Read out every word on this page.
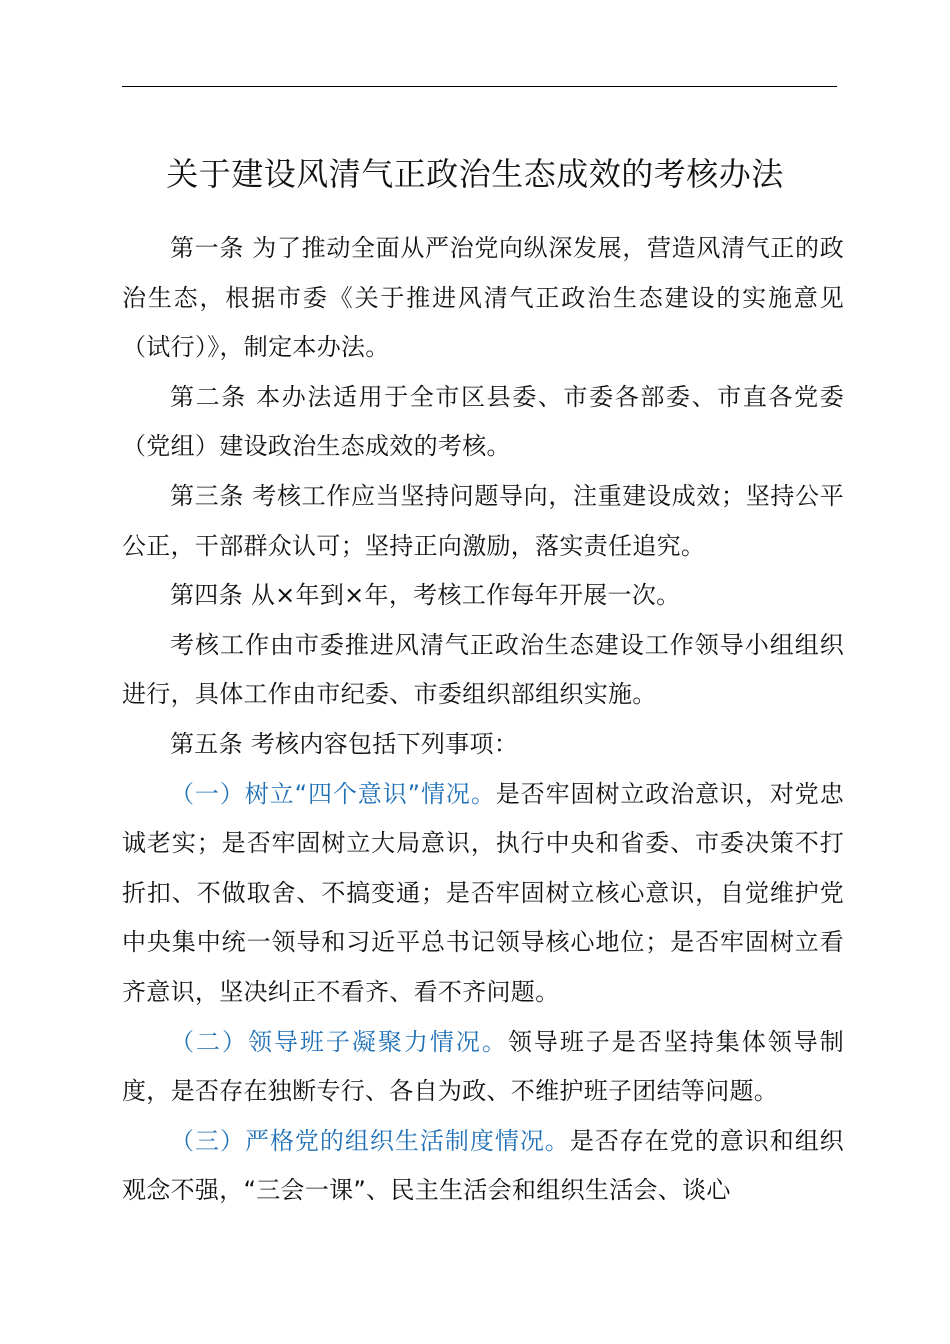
关于建设风清气正政治生态成效的考核办法

第一条 为了推动全面从严治党向纵深发展，营造风清气正的政治生态，根据市委《关于推进风清气正政治生态建设的实施意见（试行）》，制定本办法。

第二条 本办法适用于全市区县委、市委各部委、市直各党委（党组）建设政治生态成效的考核。

第三条 考核工作应当坚持问题导向，注重建设成效；坚持公平公正，干部群众认可；坚持正向激励，落实责任追究。

第四条 从×年到×年，考核工作每年开展一次。

考核工作由市委推进风清气正政治生态建设工作领导小组组织进行，具体工作由市纪委、市委组织部组织实施。

第五条 考核内容包括下列事项：

（一）树立“四个意识”情况。是否牢固树立政治意识，对党忠诚老实；是否牢固树立大局意识，执行中央和省委、市委决策不打折扣、不做取舍、不搞变通；是否牢固树立核心意识，自觉维护党中央集中统一领导和习近平总书记领导核心地位；是否牢固树立看齐意识，坚决纠正不看齐、看不齐问题。

（二）领导班子凝聚力情况。领导班子是否坚持集体领导制度，是否存在独断专行、各自为政、不维护班子团结等问题。

（三）严格党的组织生活制度情况。是否存在党的意识和组织观念不强，“三会一课”、民主生活会和组织生活会、谈心
